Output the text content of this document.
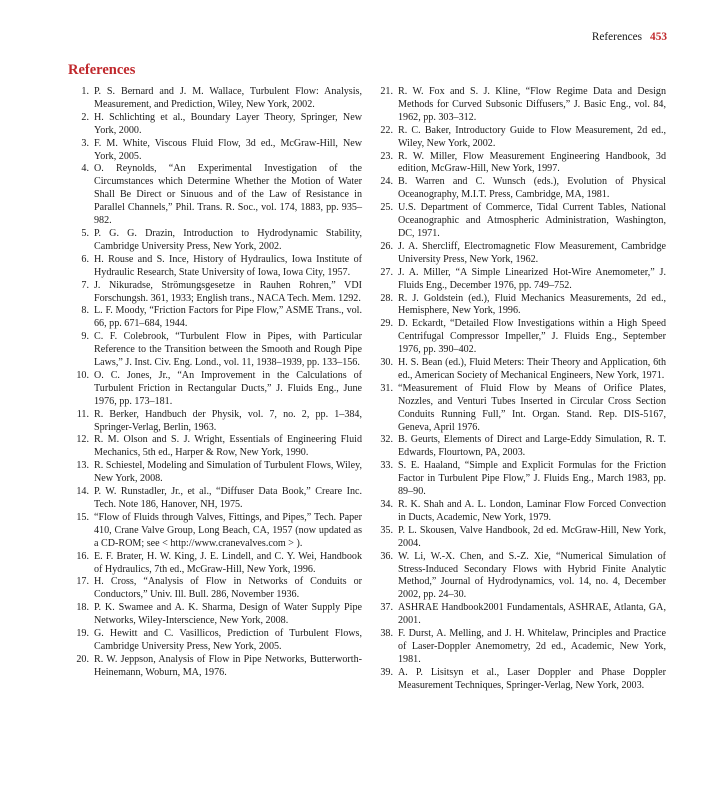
References 453
References

1. P. S. Bernard and J. M. Wallace, Turbulent Flow: Analysis, Measurement, and Prediction, Wiley, New York, 2002.

2. H. Schlichting et al., Boundary Layer Theory, Springer, New York, 2000.

3. F. M. White, Viscous Fluid Flow, 3d ed., McGraw-Hill, New York, 2005.

4. O. Reynolds, “An Experimental Investigation of the Circumstances which Determine Whether the Motion of Water Shall Be Direct or Sinuous and of the Law of Resistance in Parallel Channels,” Phil. Trans. R. Soc., vol. 174, 1883, pp. 935–982.

5. P. G. G. Drazin, Introduction to Hydrodynamic Stability, Cambridge University Press, New York, 2002.

6. H. Rouse and S. Ince, History of Hydraulics, Iowa Institute of Hydraulic Research, State University of Iowa, Iowa City, 1957.

7. J. Nikuradse, Strömungsgesetze in Rauhen Rohren,” VDI Forschungsh. 361, 1933; English trans., NACA Tech. Mem. 1292.

8. L. F. Moody, “Friction Factors for Pipe Flow,” ASME Trans., vol. 66, pp. 671–684, 1944.

9. C. F. Colebrook, “Turbulent Flow in Pipes, with Particular Reference to the Transition between the Smooth and Rough Pipe Laws,” J. Inst. Civ. Eng. Lond., vol. 11, 1938–1939, pp. 133–156.

10. O. C. Jones, Jr., “An Improvement in the Calculations of Turbulent Friction in Rectangular Ducts,” J. Fluids Eng., June 1976, pp. 173–181.

11. R. Berker, Handbuch der Physik, vol. 7, no. 2, pp. 1–384, Springer-Verlag, Berlin, 1963.

12. R. M. Olson and S. J. Wright, Essentials of Engineering Fluid Mechanics, 5th ed., Harper & Row, New York, 1990.

13. R. Schiestel, Modeling and Simulation of Turbulent Flows, Wiley, New York, 2008.

14. P. W. Runstadler, Jr., et al., “Diffuser Data Book,” Creare Inc. Tech. Note 186, Hanover, NH, 1975.

15. “Flow of Fluids through Valves, Fittings, and Pipes,” Tech. Paper 410, Crane Valve Group, Long Beach, CA, 1957 (now updated as a CD-ROM; see < http://www.cranevalves.com > ).

16. E. F. Brater, H. W. King, J. E. Lindell, and C. Y. Wei, Handbook of Hydraulics, 7th ed., McGraw-Hill, New York, 1996.

17. H. Cross, “Analysis of Flow in Networks of Conduits or Conductors,” Univ. Ill. Bull. 286, November 1936.

18. P. K. Swamee and A. K. Sharma, Design of Water Supply Pipe Networks, Wiley-Interscience, New York, 2008.

19. G. Hewitt and C. Vasillicos, Prediction of Turbulent Flows, Cambridge University Press, New York, 2005.

20. R. W. Jeppson, Analysis of Flow in Pipe Networks, Butterworth-Heinemann, Woburn, MA, 1976.

21. R. W. Fox and S. J. Kline, “Flow Regime Data and Design Methods for Curved Subsonic Diffusers,” J. Basic Eng., vol. 84, 1962, pp. 303–312.

22. R. C. Baker, Introductory Guide to Flow Measurement, 2d ed., Wiley, New York, 2002.

23. R. W. Miller, Flow Measurement Engineering Handbook, 3d edition, McGraw-Hill, New York, 1997.

24. B. Warren and C. Wunsch (eds.), Evolution of Physical Oceanography, M.I.T. Press, Cambridge, MA, 1981.

25. U.S. Department of Commerce, Tidal Current Tables, National Oceanographic and Atmospheric Administration, Washington, DC, 1971.

26. J. A. Shercliff, Electromagnetic Flow Measurement, Cambridge University Press, New York, 1962.

27. J. A. Miller, “A Simple Linearized Hot-Wire Anemometer,” J. Fluids Eng., December 1976, pp. 749–752.

28. R. J. Goldstein (ed.), Fluid Mechanics Measurements, 2d ed., Hemisphere, New York, 1996.

29. D. Eckardt, “Detailed Flow Investigations within a High Speed Centrifugal Compressor Impeller,” J. Fluids Eng., September 1976, pp. 390–402.

30. H. S. Bean (ed.), Fluid Meters: Their Theory and Application, 6th ed., American Society of Mechanical Engineers, New York, 1971.

31. “Measurement of Fluid Flow by Means of Orifice Plates, Nozzles, and Venturi Tubes Inserted in Circular Cross Section Conduits Running Full,” Int. Organ. Stand. Rep. DIS-5167, Geneva, April 1976.

32. B. Geurts, Elements of Direct and Large-Eddy Simulation, R. T. Edwards, Flourtown, PA, 2003.

33. S. E. Haaland, “Simple and Explicit Formulas for the Friction Factor in Turbulent Pipe Flow,” J. Fluids Eng., March 1983, pp. 89–90.

34. R. K. Shah and A. L. London, Laminar Flow Forced Convection in Ducts, Academic, New York, 1979.

35. P. L. Skousen, Valve Handbook, 2d ed. McGraw-Hill, New York, 2004.

36. W. Li, W.-X. Chen, and S.-Z. Xie, “Numerical Simulation of Stress-Induced Secondary Flows with Hybrid Finite Analytic Method,” Journal of Hydrodynamics, vol. 14, no. 4, December 2002, pp. 24–30.

37. ASHRAE Handbook2001 Fundamentals, ASHRAE, Atlanta, GA, 2001.

38. F. Durst, A. Melling, and J. H. Whitelaw, Principles and Practice of Laser-Doppler Anemometry, 2d ed., Academic, New York, 1981.

39. A. P. Lisitsyn et al., Laser Doppler and Phase Doppler Measurement Techniques, Springer-Verlag, New York, 2003.
